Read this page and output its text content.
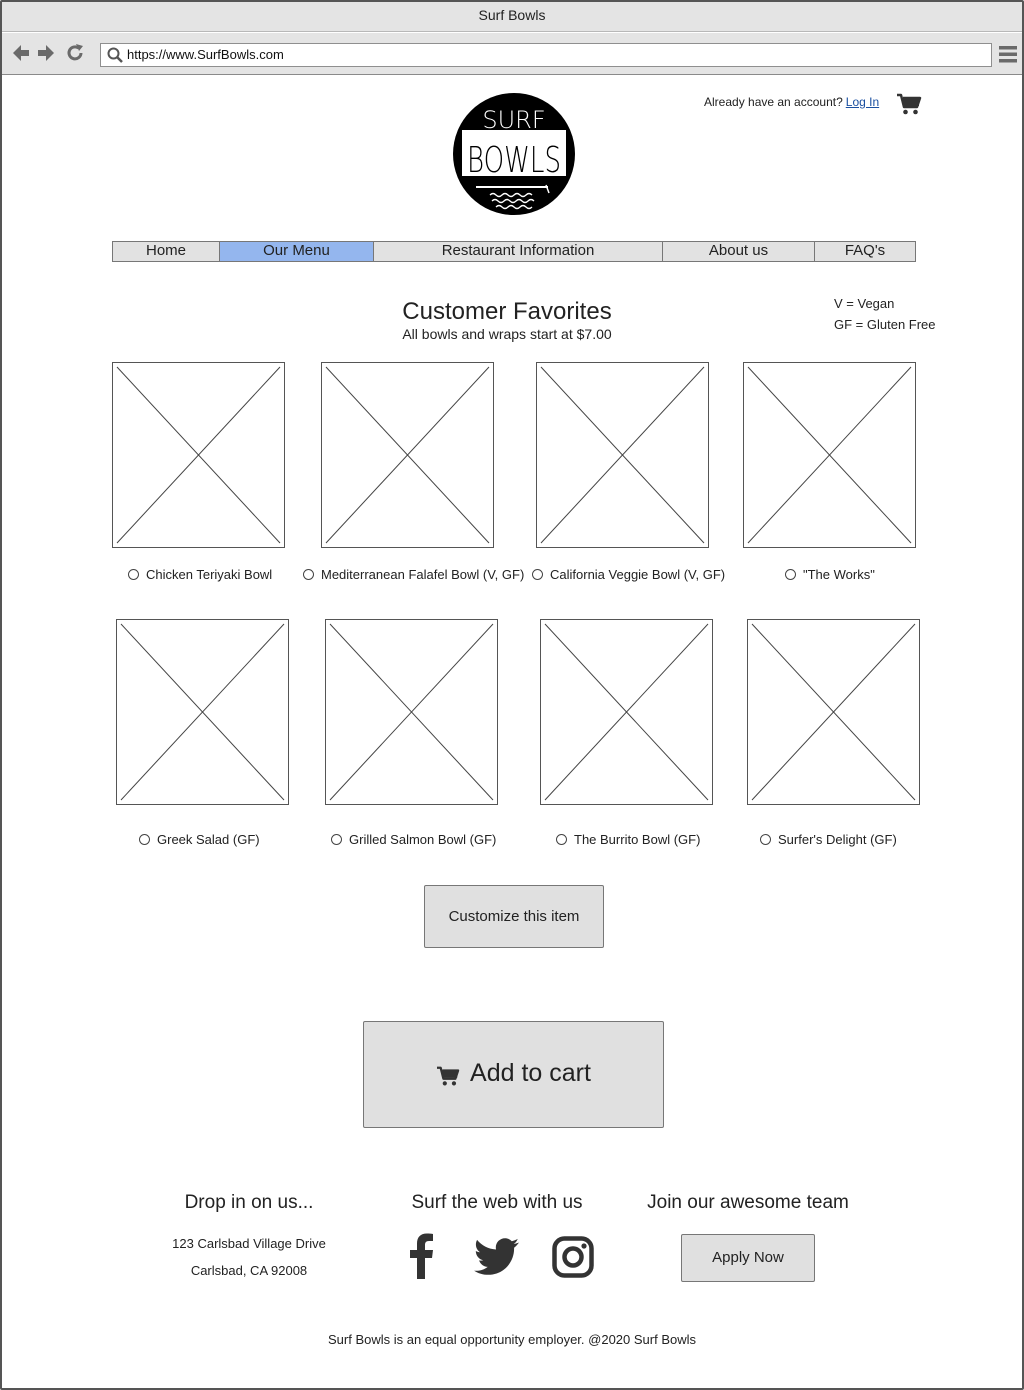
Surf Bowls
https://www.SurfBowls.com
SURF
BOWLS
Already have an account? Log In
Home	Our Menu	Restaurant Information	About us	FAQ's
Customer Favorites
All bowls and wraps start at $7.00
V = Vegan
GF = Gluten Free
Chicken Teriyaki Bowl	Mediterranean Falafel Bowl (V, GF)	California Veggie Bowl (V, GF)	"The Works"
Greek Salad (GF)	Grilled Salmon Bowl (GF)	The Burrito Bowl (GF)	Surfer's Delight (GF)
Customize this item
Add to cart
Drop in on us...
123 Carlsbad Village Drive
Carlsbad, CA 92008
Surf the web with us	Join our awesome team
Apply Now
Surf Bowls is an equal opportunity employer. @2020 Surf Bowls
